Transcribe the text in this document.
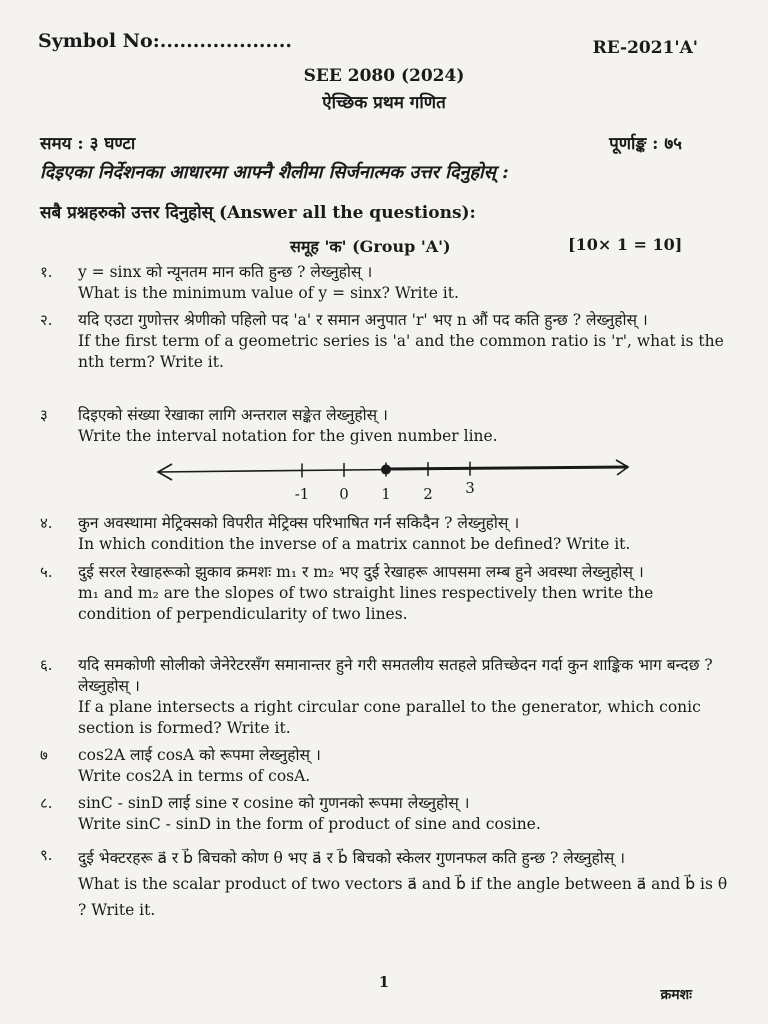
Symbol No:....................	RE-2021'A'
SEE 2080 (2024)
ऐच्छिक प्रथम गणित
समय : ३ घण्टा	पूर्णाङ्क : ७५
दिइएका निर्देशनका आधारमा आफ्नै शैलीमा सिर्जनात्मक उत्तर दिनुहोस् :
सबै प्रश्नहरुको उत्तर दिनुहोस् (Answer all the questions):
समूह 'क' (Group 'A')	[10× 1 = 10]
१.	y = sinx को न्यूनतम मान कति हुन्छ ? लेख्नुहोस् ।
What is the minimum value of y = sinx? Write it.
२.	यदि एउटा गुणोत्तर श्रेणीको पहिलो पद 'a' र समान अनुपात 'r' भए n औं पद कति हुन्छ ? लेख्नुहोस् ।
If the first term of a geometric series is 'a' and the common ratio is 'r', what is the nth term? Write it.
३	दिइएको संख्या रेखाका लागि अन्तराल सङ्केत लेख्नुहोस् ।
Write the interval notation for the given number line.
-1 0 1 2 3
४.	कुन अवस्थामा मेट्रिक्सको विपरीत मेट्रिक्स परिभाषित गर्न सकिदैन ? लेख्नुहोस् ।
In which condition the inverse of a matrix cannot be defined? Write it.
५.	दुई सरल रेखाहरूको झुकाव क्रमशः m₁ र m₂ भए दुई रेखाहरू आपसमा लम्ब हुने अवस्था लेख्नुहोस् ।
m₁ and m₂ are the slopes of two straight lines respectively then write the condition of perpendicularity of two lines.
६.	यदि समकोणी सोलीको जेनेरेटरसँग समानान्तर हुने गरी समतलीय सतहले प्रतिच्छेदन गर्दा कुन शाङ्किक भाग बन्दछ ? लेख्नुहोस् ।
If a plane intersects a right circular cone parallel to the generator, which conic section is formed? Write it.
७	cos2A लाई cosA को रूपमा लेख्नुहोस् ।
Write cos2A in terms of cosA.
८.	sinC - sinD लाई sine र cosine को गुणनको रूपमा लेख्नुहोस् ।
Write sinC - sinD in the form of product of sine and cosine.
९.	दुई भेक्टरहरू a⃗ र b⃗ बिचको कोण θ भए a⃗ र b⃗ बिचको स्केलर गुणनफल कति हुन्छ ? लेख्नुहोस् ।
What is the scalar product of two vectors a⃗ and b⃗ if the angle between a⃗ and b⃗ is θ ? Write it.
1
क्रमशः
